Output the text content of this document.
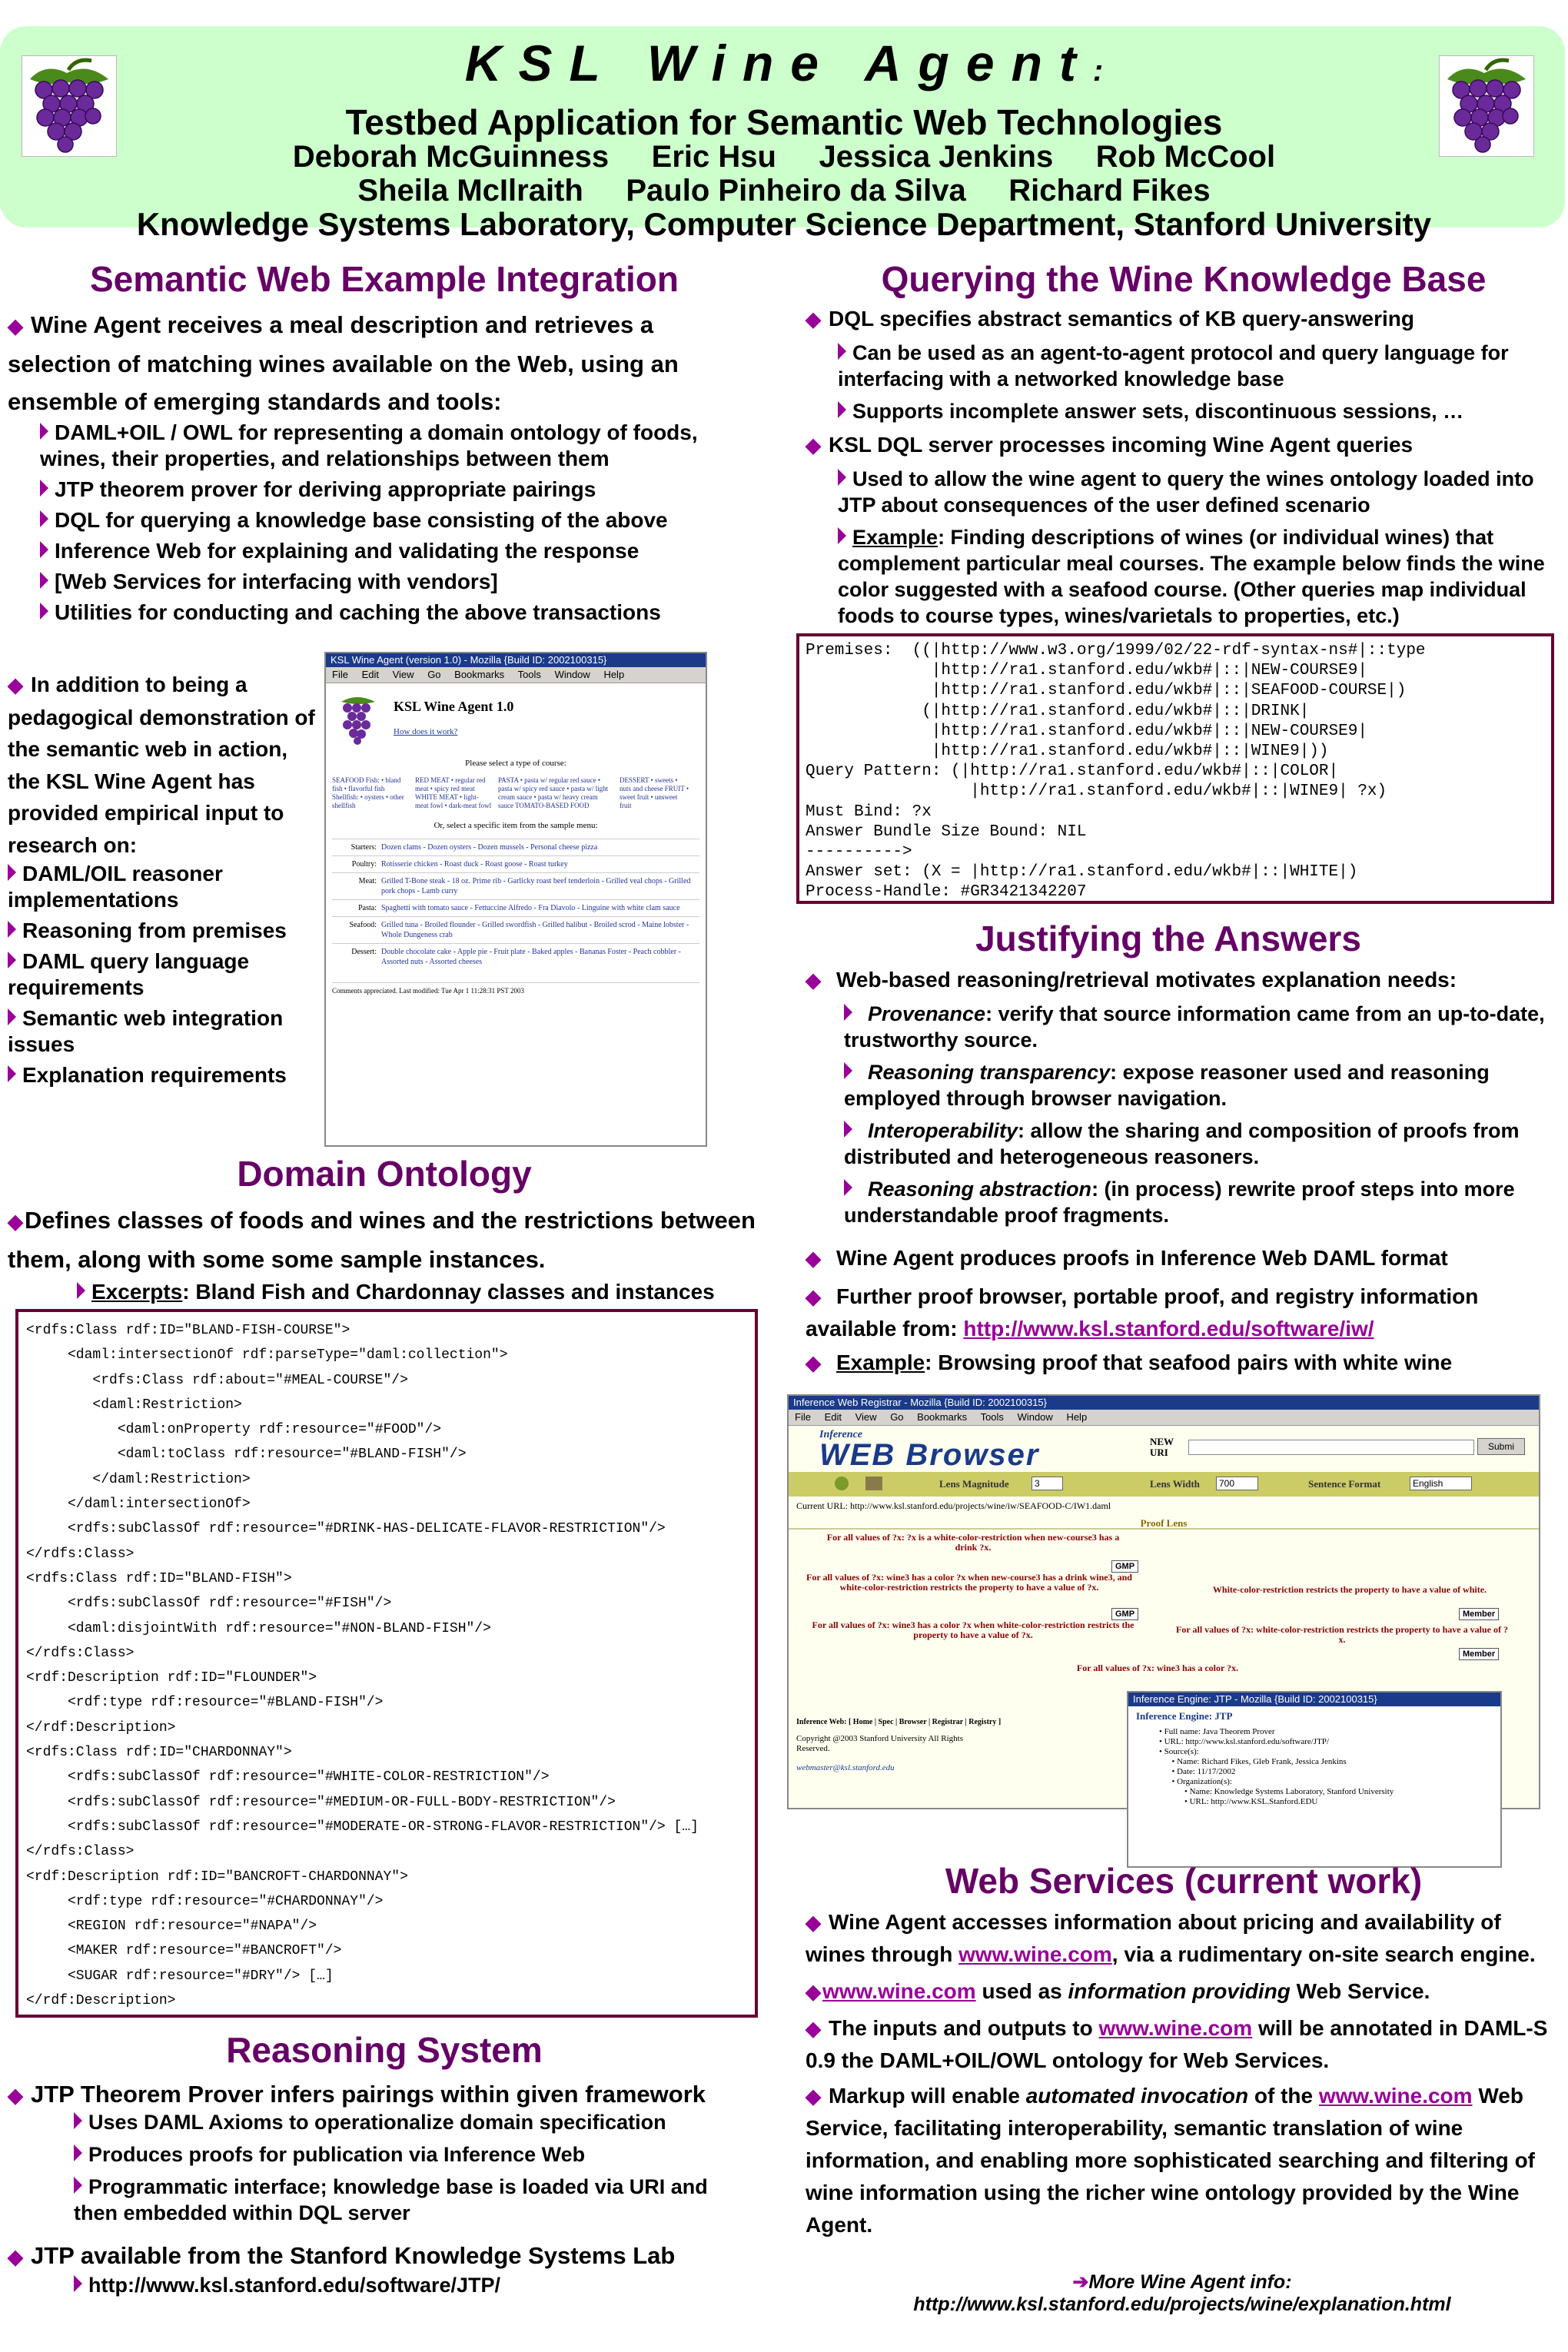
KSL Wine Agent:
Testbed Application for Semantic Web Technologies
Deborah McGuinness     Eric Hsu     Jessica Jenkins     Rob McCool
Sheila McIlraith     Paulo Pinheiro da Silva     Richard Fikes
Knowledge Systems Laboratory, Computer Science Department, Stanford University
Semantic Web Example Integration
◆ Wine Agent receives a meal description and retrieves a selection of matching wines available on the Web, using an ensemble of emerging standards and tools:
DAML+OIL / OWL for representing a domain ontology of foods, wines, their properties, and relationships between them
JTP theorem prover for deriving appropriate pairings
DQL for querying a knowledge base consisting of the above
Inference Web for explaining and validating the response
[Web Services for interfacing with vendors]
Utilities for conducting and caching the above transactions
◆ In addition to being a pedagogical demonstration of the semantic web in action, the KSL Wine Agent has provided empirical input to research on:
DAML/OIL reasoner implementations
Reasoning from premises
DAML query language requirements
Semantic web integration issues
Explanation requirements
KSL Wine Agent (version 1.0) - Mozilla {Build ID: 2002100315}
File Edit View Go Bookmarks Tools Window Help
KSL Wine Agent 1.0
How does it work?
Please select a type of course:
SEAFOOD Fish: • bland fish • flavorful fish Shellfish: • oysters • other shellfish
RED MEAT • regular red meat • spicy red meat WHITE MEAT • light-meat fowl • dark-meat fowl
PASTA • pasta w/ regular red sauce • pasta w/ spicy red sauce • pasta w/ light cream sauce • pasta w/ heavy cream sauce TOMATO-BASED FOOD
DESSERT • sweets • nuts and cheese FRUIT • sweet fruit • unsweet fruit
Or, select a specific item from the sample menu:
Starters: Dozen clams - Dozen oysters - Dozen mussels - Personal cheese pizza
Poultry: Rotisserie chicken - Roast duck - Roast goose - Roast turkey
Meat: Grilled T-Bone steak - 18 oz. Prime rib - Garlicky roast beef tenderloin - Grilled veal chops - Grilled pork chops - Lamb curry
Pasta: Spaghetti with tomato sauce - Fettuccine Alfredo - Fra Diavolo - Linguine with white clam sauce
Seafood: Grilled tuna - Broiled flounder - Grilled swordfish - Grilled halibut - Broiled scrod - Maine lobster - Whole Dungeness crab
Dessert: Double chocolate cake - Apple pie - Fruit plate - Baked apples - Bananas Foster - Peach cobbler - Assorted nuts - Assorted cheeses
Comments appreciated. Last modified: Tue Apr 1 11:28:31 PST 2003
Domain Ontology
◆Defines classes of foods and wines and the restrictions between them, along with some some sample instances.
Excerpts: Bland Fish and Chardonnay classes and instances
<rdfs:Class rdf:ID="BLAND-FISH-COURSE">
<daml:intersectionOf rdf:parseType="daml:collection">
<rdfs:Class rdf:about="#MEAL-COURSE"/>
<daml:Restriction>
<daml:onProperty rdf:resource="#FOOD"/>
<daml:toClass rdf:resource="#BLAND-FISH"/>
</daml:Restriction>
</daml:intersectionOf>
<rdfs:subClassOf rdf:resource="#DRINK-HAS-DELICATE-FLAVOR-RESTRICTION"/>
</rdfs:Class>
<rdfs:Class rdf:ID="BLAND-FISH">
<rdfs:subClassOf rdf:resource="#FISH"/>
<daml:disjointWith rdf:resource="#NON-BLAND-FISH"/>
</rdfs:Class>
<rdf:Description rdf:ID="FLOUNDER">
<rdf:type rdf:resource="#BLAND-FISH"/>
</rdf:Description>
<rdfs:Class rdf:ID="CHARDONNAY">
<rdfs:subClassOf rdf:resource="#WHITE-COLOR-RESTRICTION"/>
<rdfs:subClassOf rdf:resource="#MEDIUM-OR-FULL-BODY-RESTRICTION"/>
<rdfs:subClassOf rdf:resource="#MODERATE-OR-STRONG-FLAVOR-RESTRICTION"/> […]
</rdfs:Class>
<rdf:Description rdf:ID="BANCROFT-CHARDONNAY">
<rdf:type rdf:resource="#CHARDONNAY"/>
<REGION rdf:resource="#NAPA"/>
<MAKER rdf:resource="#BANCROFT"/>
<SUGAR rdf:resource="#DRY"/> […]
</rdf:Description>
Reasoning System
◆ JTP Theorem Prover infers pairings within given framework
Uses DAML Axioms to operationalize domain specification
Produces proofs for publication via Inference Web
Programmatic interface; knowledge base is loaded via URI and then embedded within DQL server
◆ JTP available from the Stanford Knowledge Systems Lab
http://www.ksl.stanford.edu/software/JTP/
Querying the Wine Knowledge Base
◆ DQL specifies abstract semantics of KB query-answering
Can be used as an agent-to-agent protocol and query language for interfacing with a networked knowledge base
Supports incomplete answer sets, discontinuous sessions, …
◆ KSL DQL server processes incoming Wine Agent queries
Used to allow the wine agent to query the wines ontology loaded into JTP about consequences of the user defined scenario
Example: Finding descriptions of wines (or individual wines) that complement particular meal courses. The example below finds the wine color suggested with a seafood course. (Other queries map individual foods to course types, wines/varietals to properties, etc.)
Premises:  ((|http://www.w3.org/1999/02/22-rdf-syntax-ns#|::type
|http://ra1.stanford.edu/wkb#|::|NEW-COURSE9|
|http://ra1.stanford.edu/wkb#|::|SEAFOOD-COURSE|)
(|http://ra1.stanford.edu/wkb#|::|DRINK|
|http://ra1.stanford.edu/wkb#|::|NEW-COURSE9|
|http://ra1.stanford.edu/wkb#|::|WINE9|))
Query Pattern: (|http://ra1.stanford.edu/wkb#|::|COLOR|
|http://ra1.stanford.edu/wkb#|::|WINE9| ?x)
Must Bind: ?x
Answer Bundle Size Bound: NIL
---------->
Answer set: (X = |http://ra1.stanford.edu/wkb#|::|WHITE|)
Process-Handle: #GR3421342207
Justifying the Answers
◆ Web-based reasoning/retrieval motivates explanation needs:
Provenance: verify that source information came from an up-to-date, trustworthy source.
Reasoning transparency: expose reasoner used and reasoning employed through browser navigation.
Interoperability: allow the sharing and composition of proofs from distributed and heterogeneous reasoners.
Reasoning abstraction: (in process) rewrite proof steps into more understandable proof fragments.
◆ Wine Agent produces proofs in Inference Web DAML format
◆ Further proof browser, portable proof, and registry information available from: http://www.ksl.stanford.edu/software/iw/
◆ Example: Browsing proof that seafood pairs with white wine
Inference Web Registrar - Mozilla {Build ID: 2002100315}
File Edit View Go Bookmarks Tools Window Help
Inference
WEB Browser	NEW URI	Submi
Lens Magnitude	3	Lens Width	700	Sentence Format	English
Current URL: http://www.ksl.stanford.edu/projects/wine/iw/SEAFOOD-C/IW1.daml
Proof Lens
For all values of ?x: ?x is a white-color-restriction when new-course3 has a drink ?x.
GMP
For all values of ?x: wine3 has a color ?x when new-course3 has a drink wine3, and white-color-restriction restricts the property to have a value of ?x.	White-color-restriction restricts the property to have a value of white.
GMP	Member
For all values of ?x: wine3 has a color ?x when white-color-restriction restricts the property to have a value of ?x.	For all values of ?x: white-color-restriction restricts the property to have a value of ?x.
Member
For all values of ?x: wine3 has a color ?x.
Inference Web: [ Home | Spec | Browser | Registrar | Registry ]
Copyright @2003 Stanford University All Rights Reserved.
webmaster@ksl.stanford.edu
Inference Engine: JTP - Mozilla {Build ID: 2002100315}
Inference Engine: JTP
• Full name: Java Theorem Prover
• URL: http://www.ksl.stanford.edu/software/JTP/
• Source(s):
• Name: Richard Fikes, Gleb Frank, Jessica Jenkins
• Date: 11/17/2002
• Organization(s):
• Name: Knowledge Systems Laboratory, Stanford University
• URL: http://www.KSL.Stanford.EDU
Web Services (current work)
◆ Wine Agent accesses information about pricing and availability of wines through www.wine.com, via a rudimentary on-site search engine.
◆www.wine.com used as information providing Web Service.
◆ The inputs and outputs to www.wine.com will be annotated in DAML-S 0.9 the DAML+OIL/OWL ontology for Web Services.
◆ Markup will enable automated invocation of the www.wine.com Web Service, facilitating interoperability, semantic translation of wine information, and enabling more sophisticated searching and filtering of wine information using the richer wine ontology provided by the Wine Agent.
➔More Wine Agent info: http://www.ksl.stanford.edu/projects/wine/explanation.html
